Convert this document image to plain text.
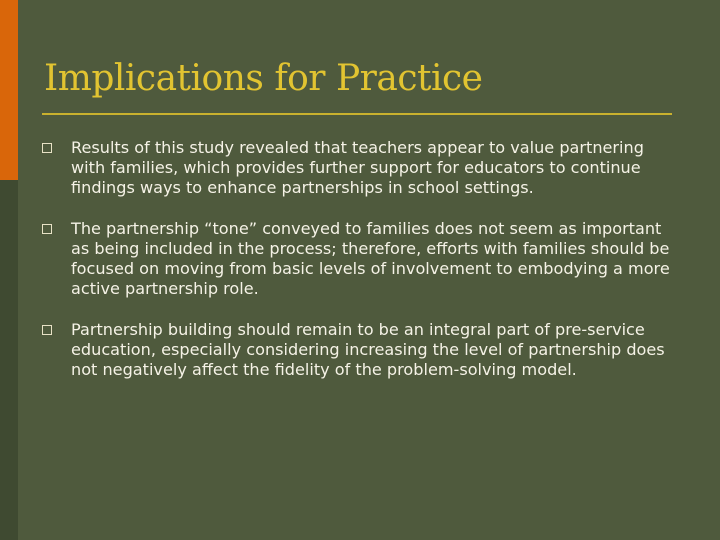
Implications for Practice
Results of this study revealed that teachers appear to value partnering with families, which provides further support for educators to continue findings ways to enhance partnerships in school settings.
The partnership “tone” conveyed to families does not seem as important as being included in the process; therefore, efforts with families should be focused on moving from basic levels of involvement to embodying a more active partnership role.
Partnership building should remain to be an integral part of pre-service education, especially considering increasing the level of partnership does not negatively affect the fidelity of the problem-solving model.
